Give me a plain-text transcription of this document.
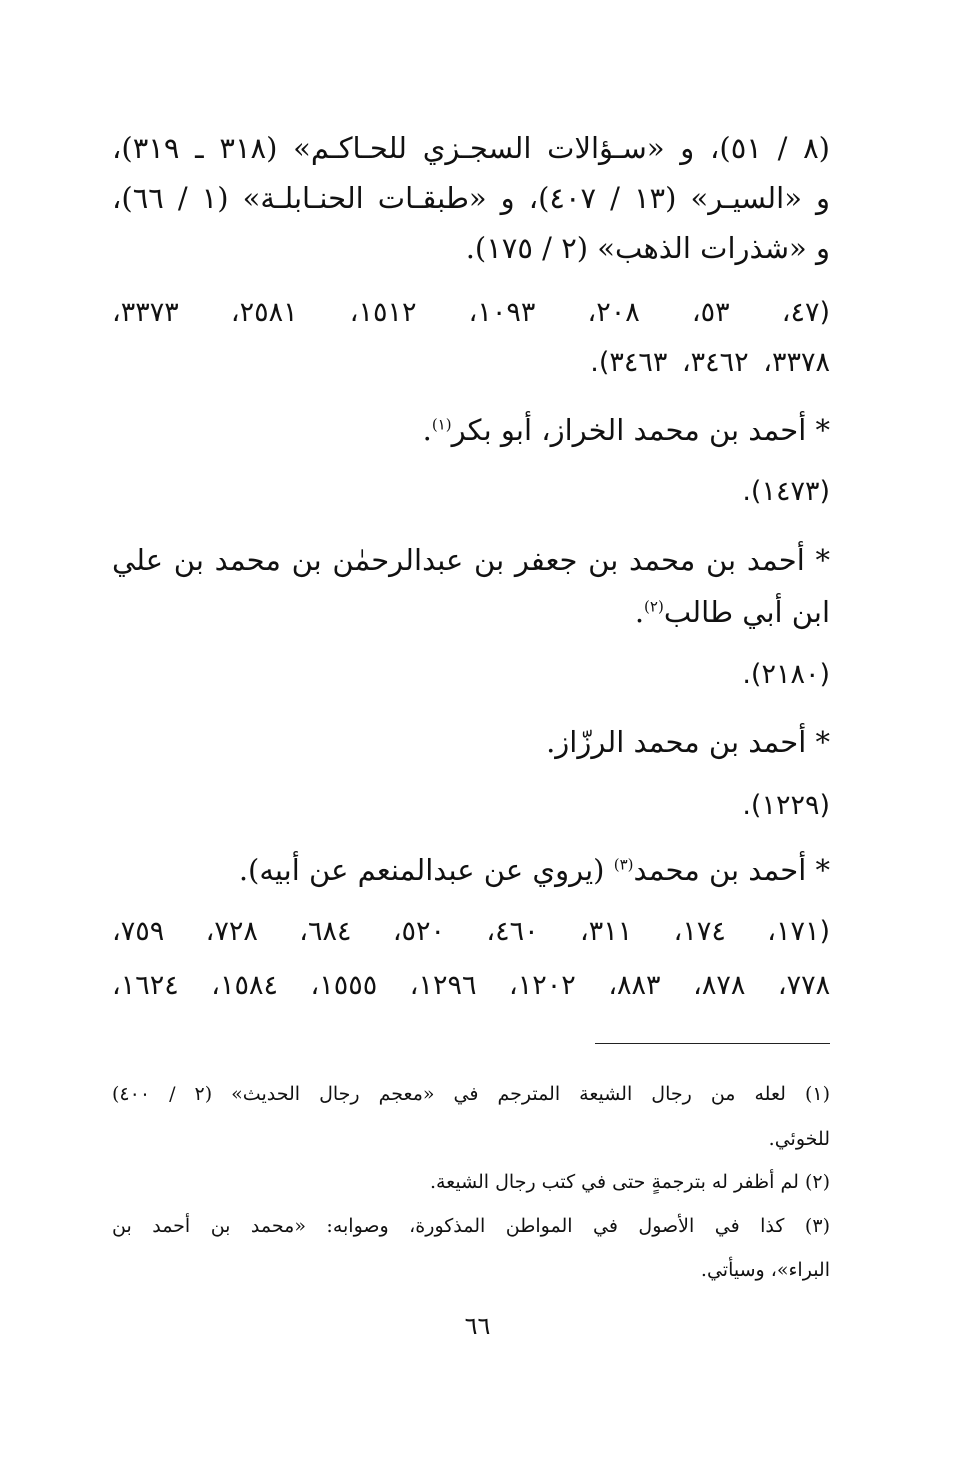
(٨ / ٥١)، و «سـؤالات السجـزي للحـاكـم» (٣١٨ ـ ٣١٩)،
و «السيـر» (١٣ / ٤٠٧)، و «طبقـات الحنـابلـة» (١ / ٦٦)،
و «شذرات الذهب» (٢ / ١٧٥).
(٤٧، ٥٣، ٢٠٨، ١٠٩٣، ١٥١٢، ٢٥٨١، ٣٣٧٣،
٣٣٧٨، ٣٤٦٢، ٣٤٦٣).
* أحمد بن محمد الخراز، أبو بكر$^{(١)}$.
(١٤٧٣).
* أحمد بن محمد بن جعفر بن عبدالرحمٰن بن محمد بن علي
ابن أبي طالب$^{(٢)}$.
(٢١٨٠).
* أحمد بن محمد الرزّاز.
(١٢٢٩).
* أحمد بن محمد$^{(٣)}$ (يروي عن عبدالمنعم عن أبيه).
(١٧١، ١٧٤، ٣١١، ٤٦٠، ٥٢٠، ٦٨٤، ٧٢٨، ٧٥٩،
٧٧٨، ٨٧٨، ٨٨٣، ١٢٠٢، ١٢٩٦، ١٥٥٥، ١٥٨٤، ١٦٢٤،
(١) لعله من رجال الشيعة المترجم في «معجم رجال الحديث» (٢ / ٤٠٠)
للخوئي.
(٢) لم أظفر له بترجمةٍ حتى في كتب رجال الشيعة.
(٣) كذا في الأصول في المواطن المذكورة، وصوابه: «محمد بن أحمد بن
البراء»، وسيأتي.
٦٦
